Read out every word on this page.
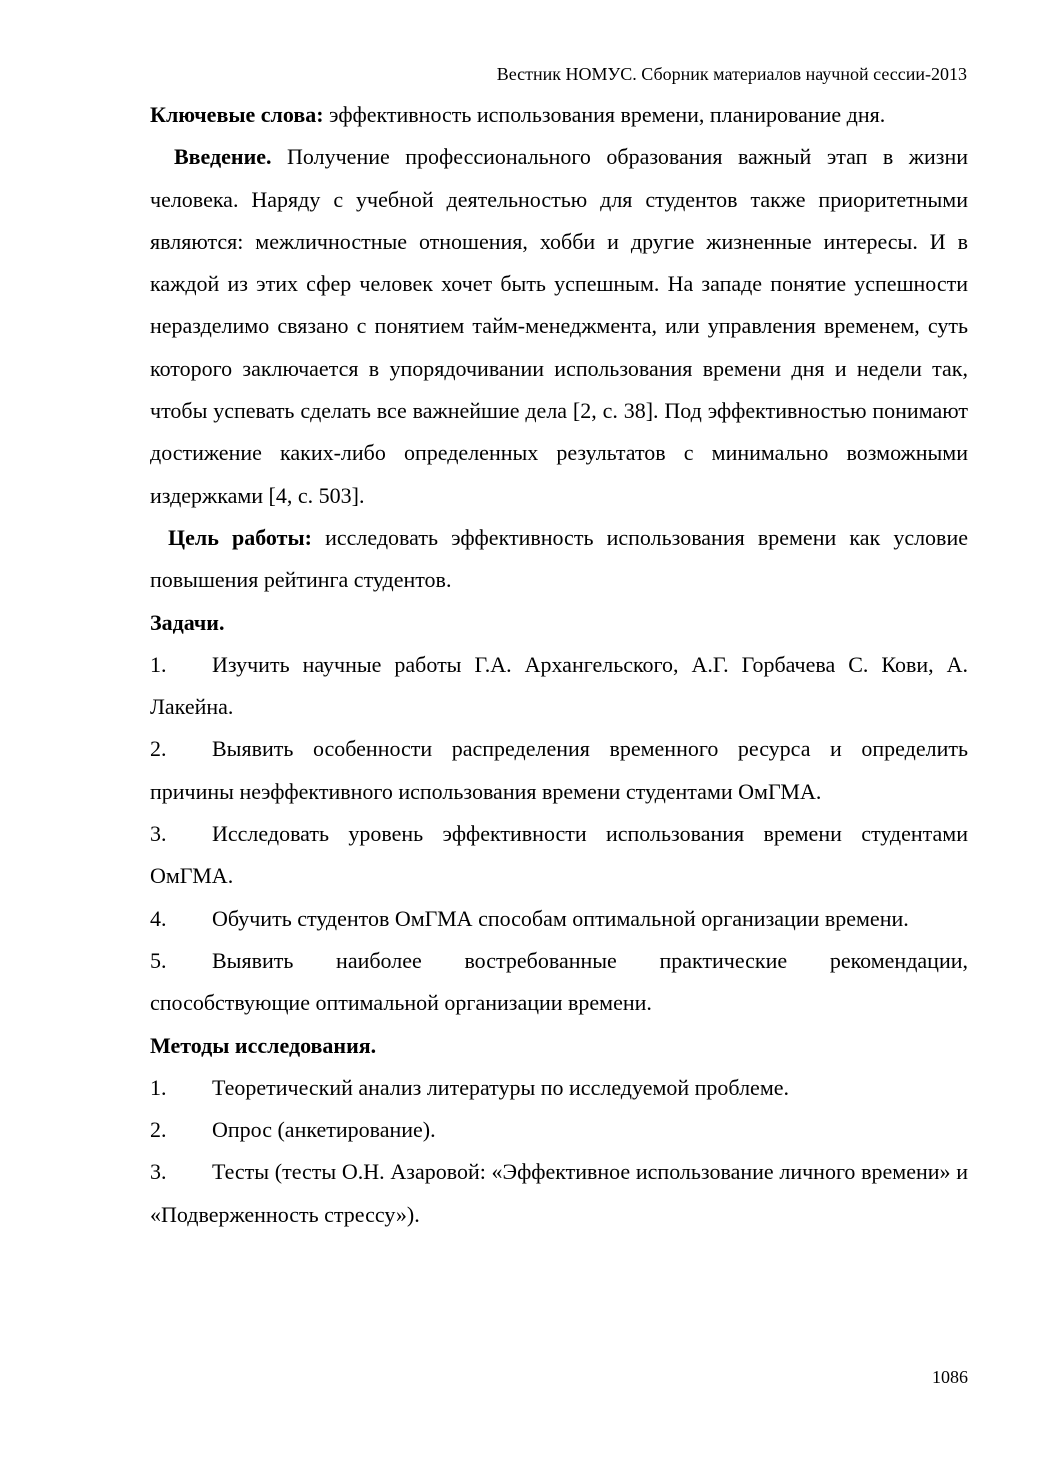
Вестник НОМУС. Сборник материалов научной сессии-2013

Ключевые слова: эффективность использования времени, планирование дня.

Введение. Получение профессионального образования важный этап в жизни человека. Наряду с учебной деятельностью для студентов также приоритетными являются: межличностные отношения, хобби и другие жизненные интересы. И в каждой из этих сфер человек хочет быть успешным. На западе понятие успешности неразделимо связано с понятием тайм-менеджмента, или управления временем, суть которого заключается в упорядочивании использования времени дня и недели так, чтобы успевать сделать все важнейшие дела [2, с. 38]. Под эффективностью понимают достижение каких-либо определенных результатов с минимально возможными издержками [4, с. 503].

Цель работы: исследовать эффективность использования времени как условие повышения рейтинга студентов.

Задачи.

1. Изучить научные работы Г.А. Архангельского, А.Г. Горбачева С. Кови, А. Лакейна.

2. Выявить особенности распределения временного ресурса и определить причины неэффективного использования времени студентами ОмГМА.

3. Исследовать уровень эффективности использования времени студентами ОмГМА.

4. Обучить студентов ОмГМА способам оптимальной организации времени.

5. Выявить наиболее востребованные практические рекомендации, способствующие оптимальной организации времени.

Методы исследования.

1. Теоретический анализ литературы по исследуемой проблеме.

2. Опрос (анкетирование).

3. Тесты (тесты О.Н. Азаровой: «Эффективное использование личного времени» и «Подверженность стрессу»).

1086
